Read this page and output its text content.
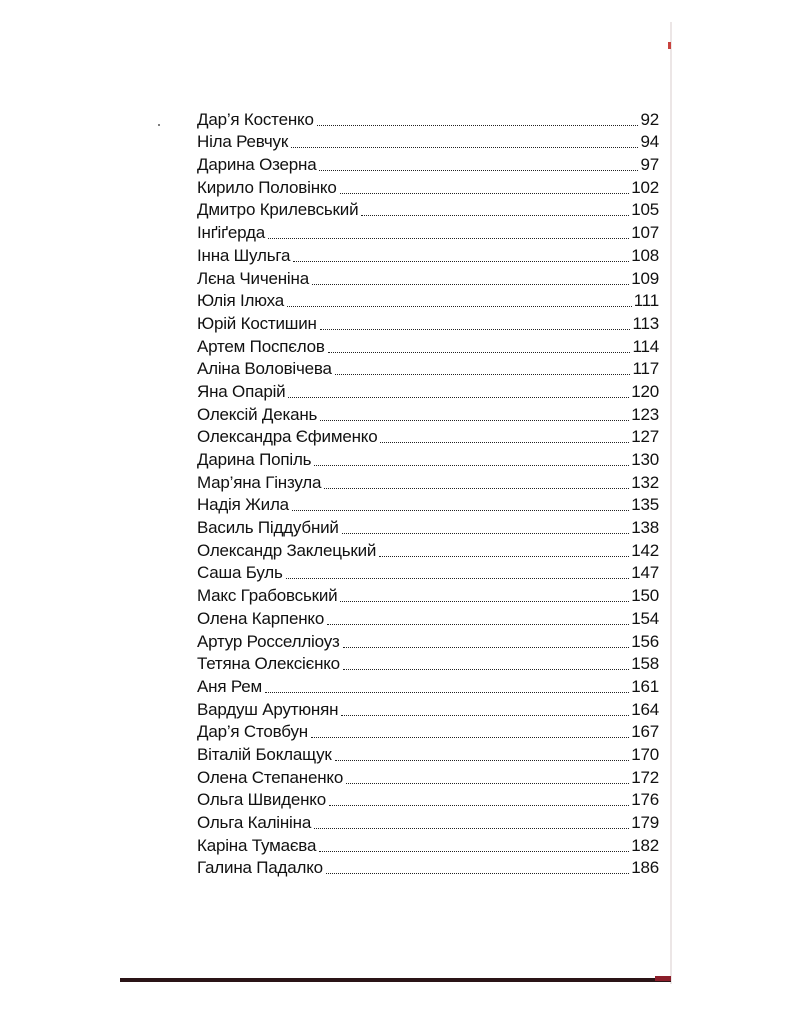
Дар’я Костенко	92
Ніла Ревчук	94
Дарина Озерна	97
Кирило Половінко	102
Дмитро Крилевський	105
Інґіґерда	107
Інна Шульга	108
Лєна Чиченіна	109
Юлія Ілюха	111
Юрій Костишин	113
Артем Поспєлов	114
Аліна Воловічева	117
Яна Опарій	120
Олексій Декань	123
Олександра Єфименко	127
Дарина Попіль	130
Мар’яна Гінзула	132
Надія Жила	135
Василь Піддубний	138
Олександр Заклецький	142
Саша Буль	147
Макс Грабовський	150
Олена Карпенко	154
Артур Росселліоуз	156
Тетяна Олексієнко	158
Аня Рем	161
Вардуш Арутюнян	164
Дар’я Стовбун	167
Віталій Боклащук	170
Олена Степаненко	172
Ольга Швиденко	176
Ольга Калініна	179
Каріна Тумаєва	182
Галина Падалко	186
